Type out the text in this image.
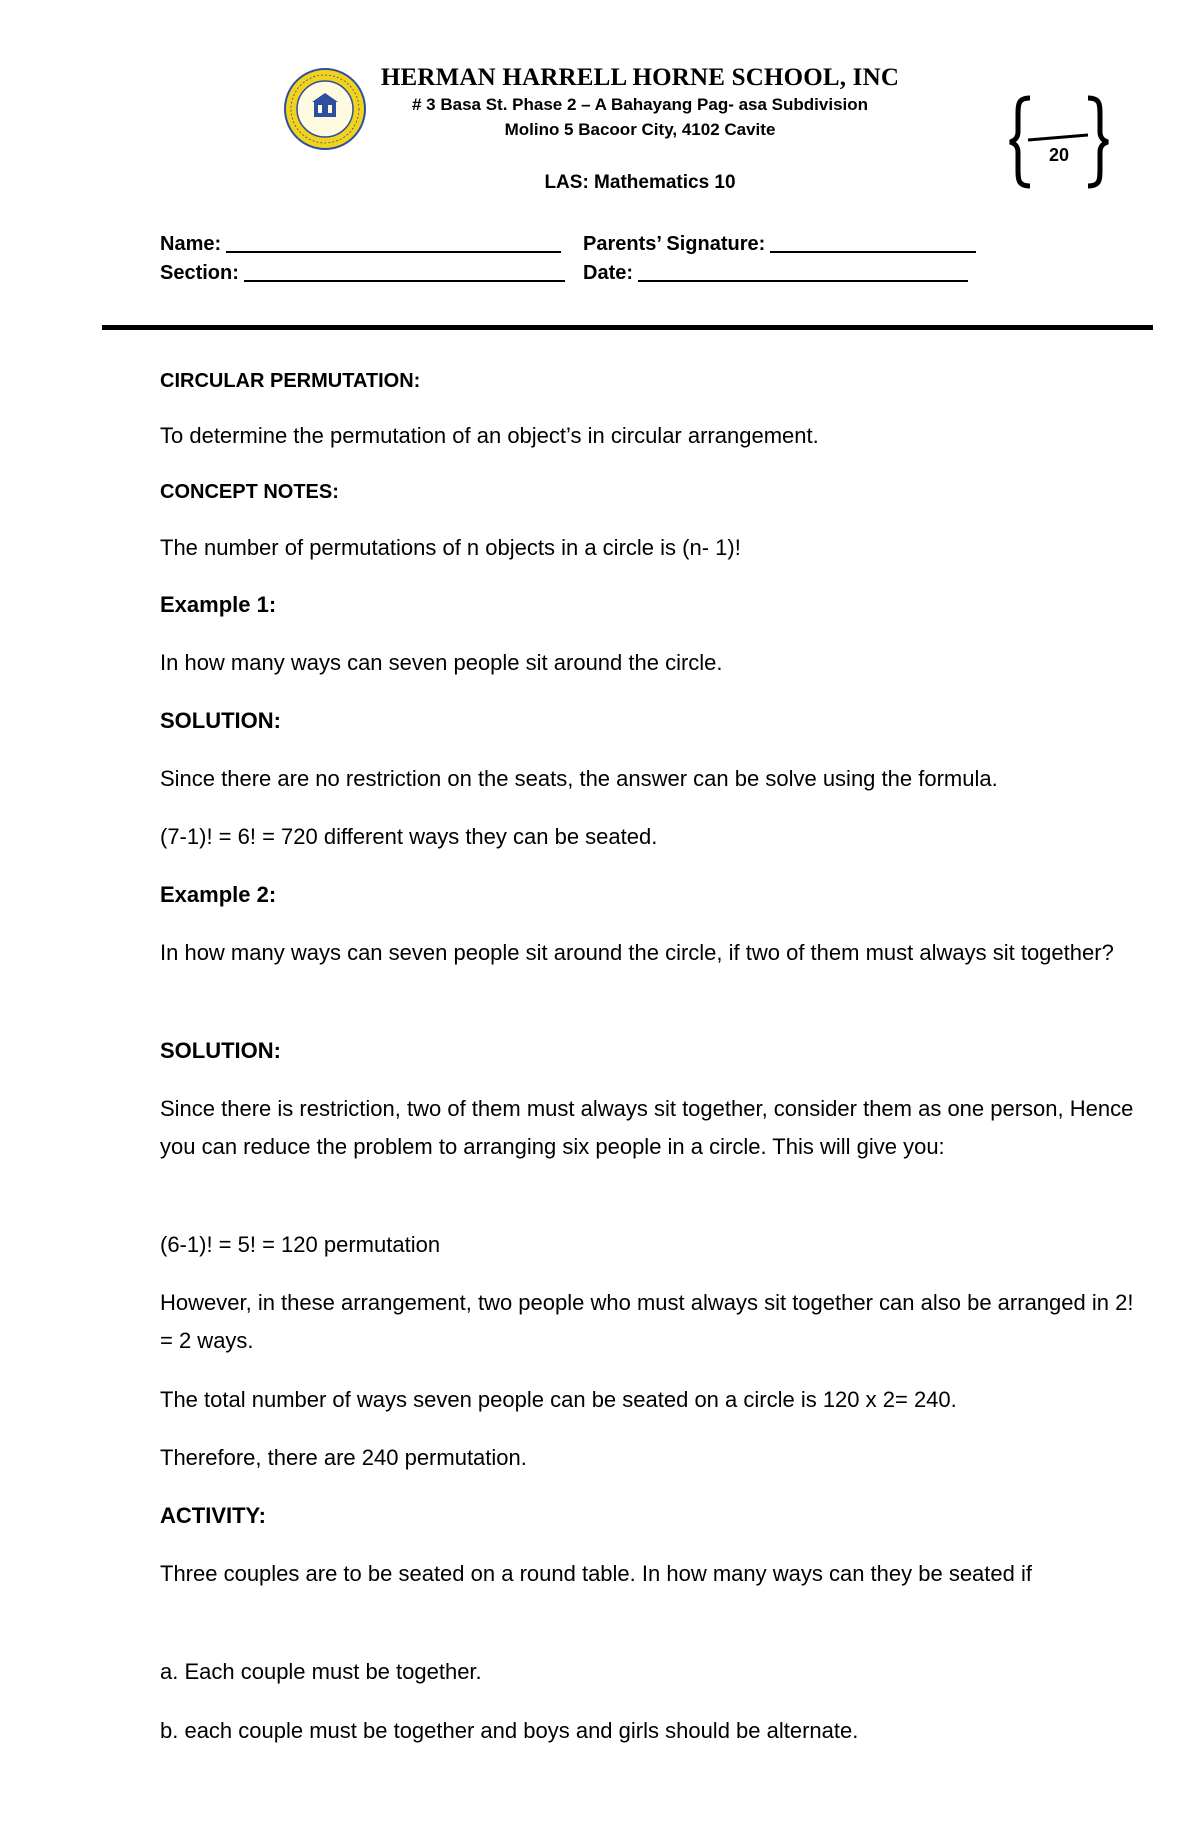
HERMAN HARRELL HORNE SCHOOL, INC
# 3 Basa St. Phase 2 – A Bahayang Pag- asa Subdivision
Molino 5 Bacoor City, 4102 Cavite
LAS: Mathematics 10
20
Name:	Parents’ Signature:
Section:	Date:
CIRCULAR PERMUTATION:
To determine the permutation of an object’s in circular arrangement.
CONCEPT NOTES:
The number of permutations of n objects in a circle is (n- 1)!
Example 1:
In how many ways can seven people sit around the circle.
SOLUTION:
Since there are no restriction on the seats, the answer can be solve using the formula.
(7-1)! = 6! = 720 different ways they can be seated.
Example 2:
In how many ways can seven people sit around the circle, if two of them must always sit together?
SOLUTION:
Since there is restriction, two of them must always sit together, consider them as one person, Hence you can reduce the problem to arranging six people in a circle. This will give you:
(6-1)! = 5! = 120 permutation
However, in these arrangement, two people who must always sit together can also be arranged in 2! = 2 ways.
The total number of ways seven people can be seated on a circle is 120 x 2= 240.
Therefore, there are 240 permutation.
ACTIVITY:
Three couples are to be seated on a round table. In how many ways can they be seated if
a. Each couple must be together.
b. each couple must be together and boys and girls should be alternate.
